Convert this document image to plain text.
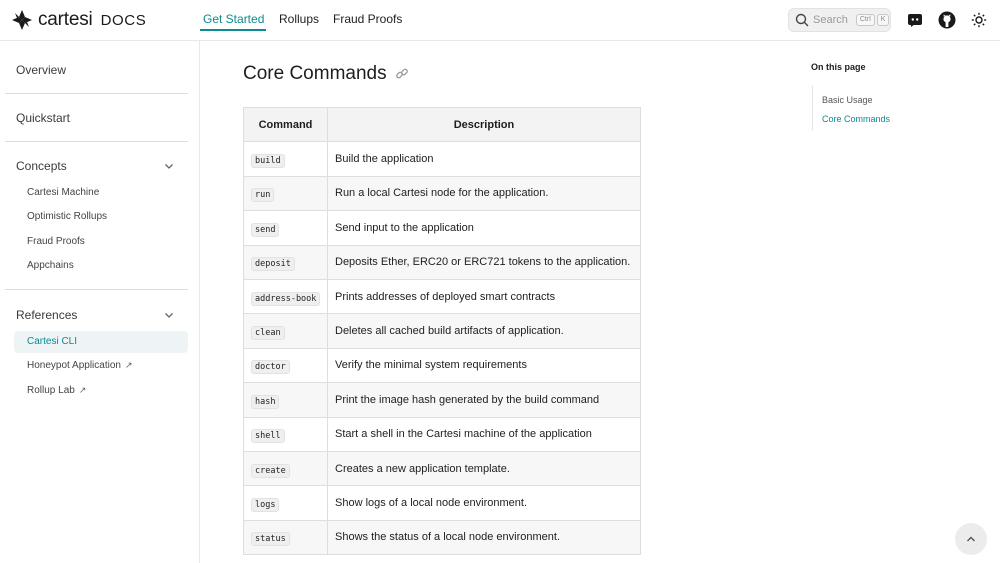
cartesi DOCS	Get Started Rollups Fraud Proofs	Search	Ctrl	K
Overview
Quickstart
Concepts
Cartesi Machine
Optimistic Rollups
Fraud Proofs
Appchains
References
Cartesi CLI
Honeypot Application ↗
Rollup Lab ↗
Core Commands
Command	Description
build	Build the application
run	Run a local Cartesi node for the application.
send	Send input to the application
deposit	Deposits Ether, ERC20 or ERC721 tokens to the application.
address-book	Prints addresses of deployed smart contracts
clean	Deletes all cached build artifacts of application.
doctor	Verify the minimal system requirements
hash	Print the image hash generated by the build command
shell	Start a shell in the Cartesi machine of the application
create	Creates a new application template.
logs	Show logs of a local node environment.
status	Shows the status of a local node environment.
On this page
Basic Usage
Core Commands
